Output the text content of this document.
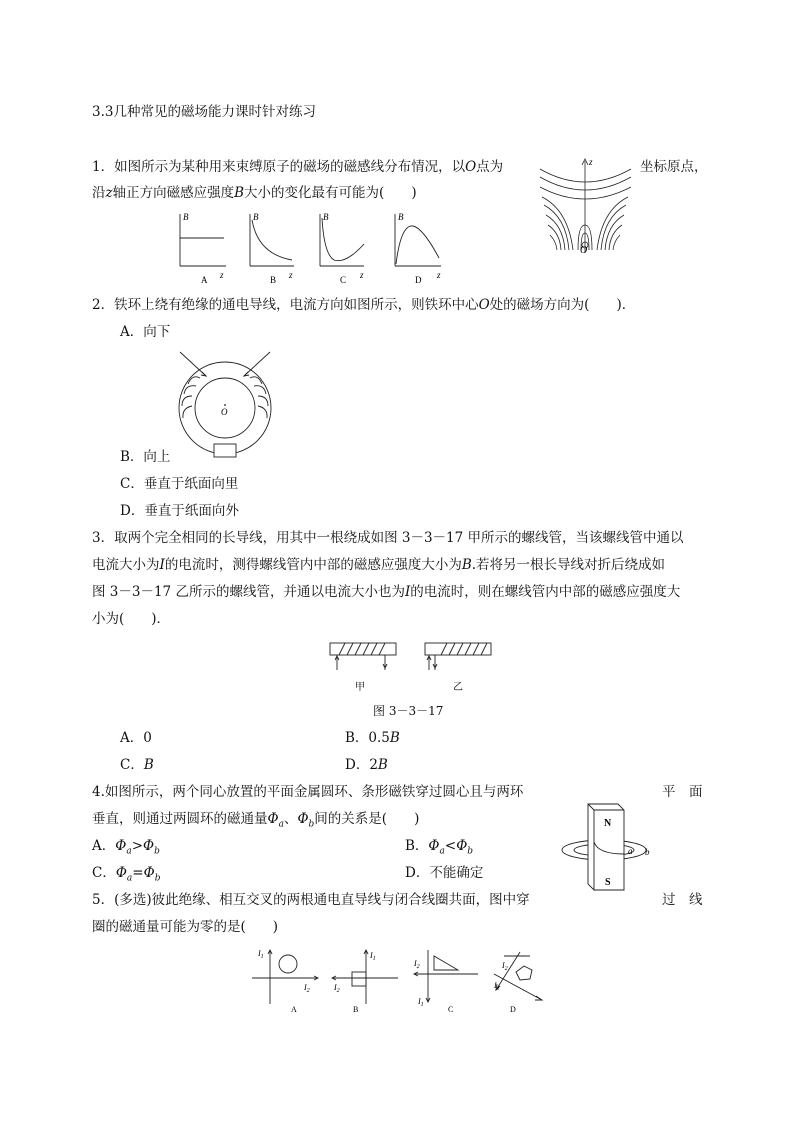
3.3几种常见的磁场能力课时针对练习
1．如图所示为某种用来束缚原子的磁场的磁感线分布情况，以O点为	坐标原点，
沿z轴正方向磁感应强度B大小的变化最有可能为(　　)
z
O
B
z
A
B
z
B
B
z
C
B
z
D
2．铁环上绕有绝缘的通电导线，电流方向如图所示，则铁环中心O处的磁场方向为(　　)．
A．向下
O
B．向上
C．垂直于纸面向里
D．垂直于纸面向外
3．取两个完全相同的长导线，用其中一根绕成如图 3－3－17 甲所示的螺线管，当该螺线管中通以
电流大小为I的电流时，测得螺线管内中部的磁感应强度大小为B.若将另一根长导线对折后绕成如
图 3－3－17 乙所示的螺线管，并通以电流大小也为I的电流时，则在螺线管内中部的磁感应强度大
小为(　　)．
甲	乙
图 3－3－17
A．0	B．0.5B
C．B	D．2B
4.如图所示，两个同心放置的平面金属圆环、条形磁铁穿过圆心且与两环	平　面
垂直，则通过两圆环的磁通量$\Phi_a$、$\Phi_b$间的关系是(　　)
A．$\Phi_a>\Phi_b$	B．$\Phi_a<\Phi_b$
C．$\Phi_a=\Phi_b$	D．不能确定
N
S
a b
5．(多选)彼此绝缘、相互交叉的两根通电直导线与闭合线圈共面，图中穿	过　线
圈的磁通量可能为零的是(　　)
$I_1$
$I_2$
A
$I_1$
$I_2$
B
$I_1$
$I_2$
C
$I_1$
$I_2$
D
